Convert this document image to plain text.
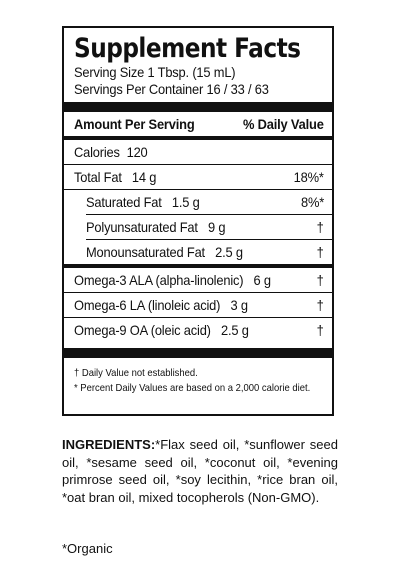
Supplement Facts
Serving Size 1 Tbsp. (15 mL)
Servings Per Container 16 / 33 / 63
Amount Per Serving	% Daily Value
Calories 120
Total Fat 14 g	18%*
Saturated Fat 1.5 g	8%*
Polyunsaturated Fat 9 g	†
Monounsaturated Fat 2.5 g	†
Omega-3 ALA (alpha-linolenic) 6 g	†
Omega-6 LA (linoleic acid) 3 g	†
Omega-9 OA (oleic acid) 2.5 g	†
† Daily Value not established.
* Percent Daily Values are based on a 2,000 calorie diet.
INGREDIENTS:*Flax seed oil, *sunflower seed oil, *sesame seed oil, *coconut oil, *evening primrose seed oil, *soy lecithin, *rice bran oil, *oat bran oil, mixed tocopherols (Non-GMO).
*Organic
